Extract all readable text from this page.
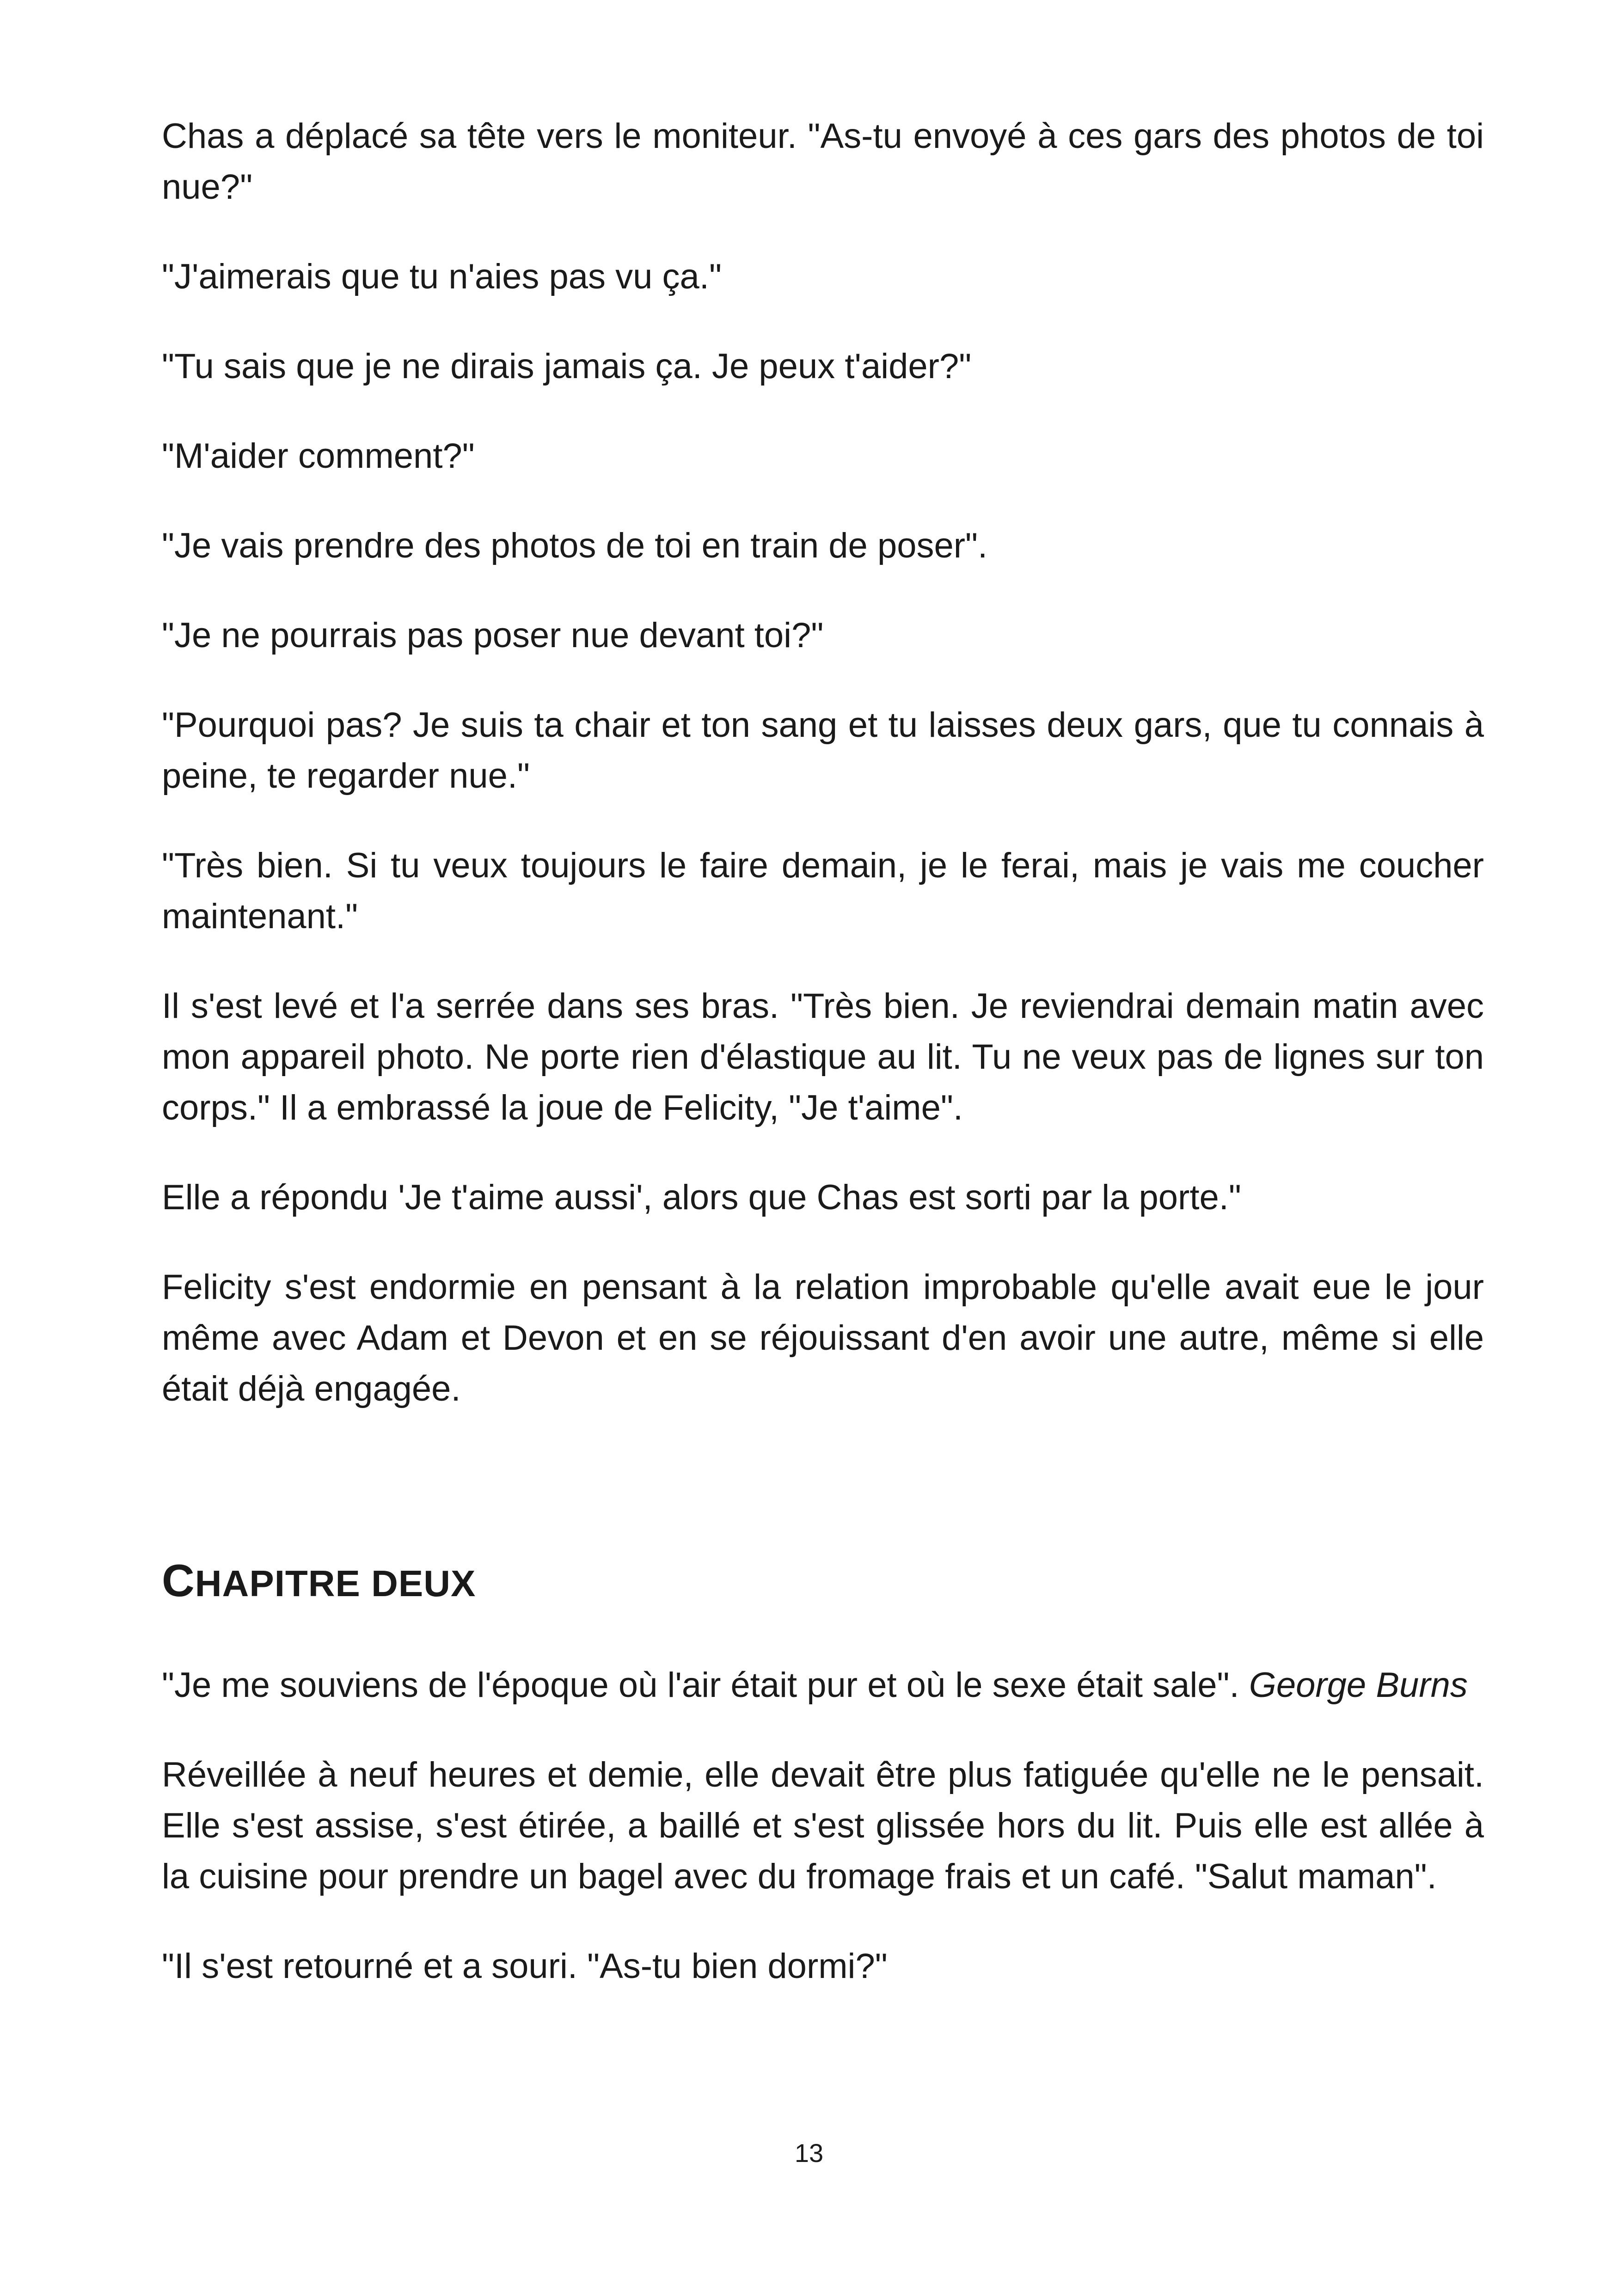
Chas a déplacé sa tête vers le moniteur. "As-tu envoyé à ces gars des photos de toi nue?"

"J'aimerais que tu n'aies pas vu ça."

"Tu sais que je ne dirais jamais ça. Je peux t'aider?"

"M'aider comment?"

"Je vais prendre des photos de toi en train de poser".

"Je ne pourrais pas poser nue devant toi?"

"Pourquoi pas? Je suis ta chair et ton sang et tu laisses deux gars, que tu connais à peine, te regarder nue."

"Très bien. Si tu veux toujours le faire demain, je le ferai, mais je vais me coucher maintenant."

Il s'est levé et l'a serrée dans ses bras. "Très bien. Je reviendrai demain matin avec mon appareil photo. Ne porte rien d'élastique au lit. Tu ne veux pas de lignes sur ton corps." Il a embrassé la joue de Felicity, "Je t'aime".

Elle a répondu 'Je t'aime aussi', alors que Chas est sorti par la porte."

Felicity s'est endormie en pensant à la relation improbable qu'elle avait eue le jour même avec Adam et Devon et en se réjouissant d'en avoir une autre, même si elle était déjà engagée.

CHAPITRE DEUX

"Je me souviens de l'époque où l'air était pur et où le sexe était sale". George Burns

Réveillée à neuf heures et demie, elle devait être plus fatiguée qu'elle ne le pensait. Elle s'est assise, s'est étirée, a baillé et s'est glissée hors du lit. Puis elle est allée à la cuisine pour prendre un bagel avec du fromage frais et un café. "Salut maman".

"Il s'est retourné et a souri. "As-tu bien dormi?"

13
